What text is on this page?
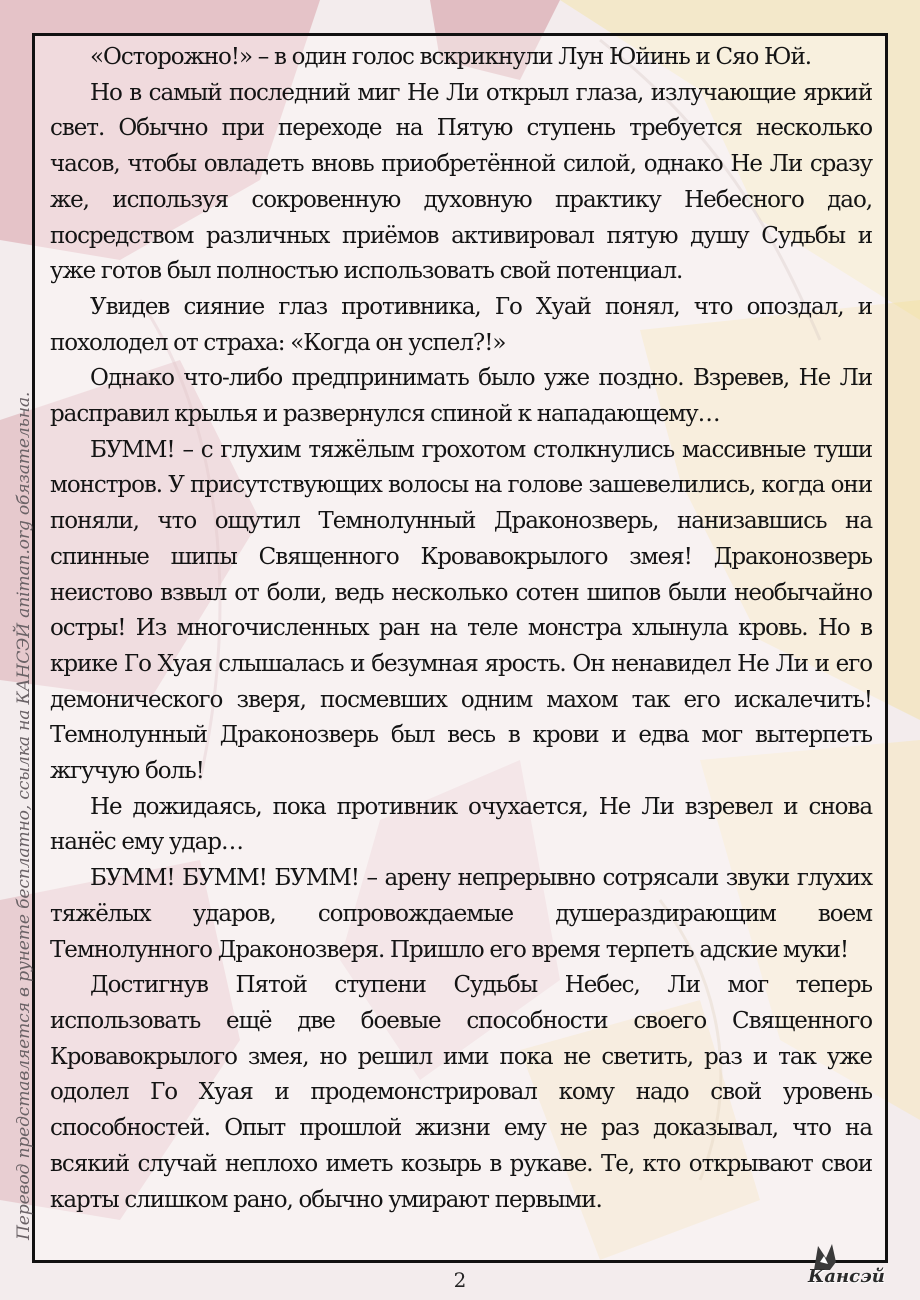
«Осторожно!» – в один голос вскрикнули Лун Юйинь и Сяо Юй.

Но в самый последний миг Не Ли открыл глаза, излучающие яркий свет. Обычно при переходе на Пятую ступень требуется несколько часов, чтобы овладеть вновь приобретённой силой, однако Не Ли сразу же, используя сокровенную духовную практику Небесного дао, посредством различных приёмов активировал пятую душу Судьбы и уже готов был полностью использовать свой потенциал.

Увидев сияние глаз противника, Го Хуай понял, что опоздал, и похолодел от страха: «Когда он успел?!»

Однако что-либо предпринимать было уже поздно. Взревев, Не Ли расправил крылья и развернулся спиной к нападающему…

БУММ! – с глухим тяжёлым грохотом столкнулись массивные туши монстров. У присутствующих волосы на голове зашевелились, когда они поняли, что ощутил Темнолунный Драконозверь, нанизавшись на спинные шипы Священного Кровавокрылого змея! Драконозверь неистово взвыл от боли, ведь несколько сотен шипов были необычайно остры! Из многочисленных ран на теле монстра хлынула кровь. Но в крике Го Хуая слышалась и безумная ярость. Он ненавидел Не Ли и его демонического зверя, посмевших одним махом так его искалечить! Темнолунный Драконозверь был весь в крови и едва мог вытерпеть жгучую боль!

Не дожидаясь, пока противник очухается, Не Ли взревел и снова нанёс ему удар…

БУММ! БУММ! БУММ! – арену непрерывно сотрясали звуки глухих тяжёлых ударов, сопровождаемые душераздирающим воем Темнолунного Драконозверя. Пришло его время терпеть адские муки!

Достигнув Пятой ступени Судьбы Небес, Ли мог теперь использовать ещё две боевые способности своего Священного Кровавокрылого змея, но решил ими пока не светить, раз и так уже одолел Го Хуая и продемонстрировал кому надо свой уровень способностей. Опыт прошлой жизни ему не раз доказывал, что на всякий случай неплохо иметь козырь в рукаве. Те, кто открывают свои карты слишком рано, обычно умирают первыми.

Перевод представляется в рунете бесплатно, ссылка на КАНСЭЙ animan.org обязательна.
2	Кансэй
